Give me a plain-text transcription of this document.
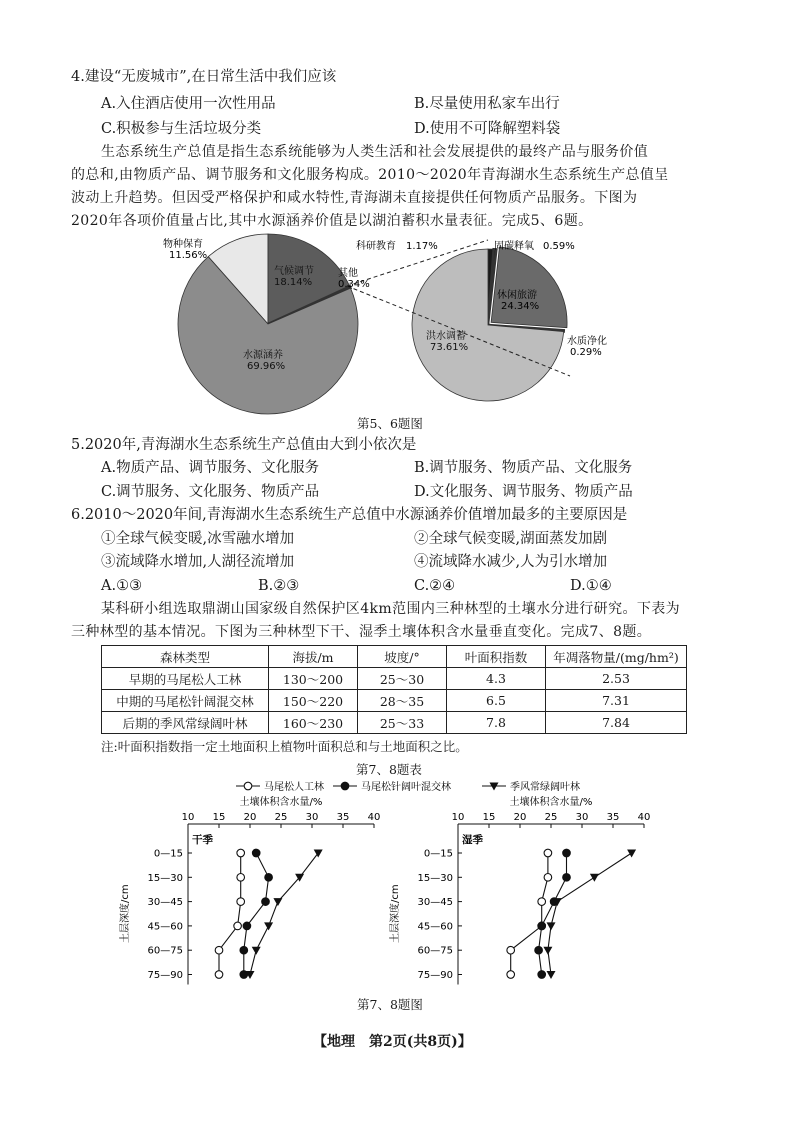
4.建设“无废城市”,在日常生活中我们应该
A.入住酒店使用一次性用品	B.尽量使用私家车出行
C.积极参与生活垃圾分类	D.使用不可降解塑料袋
生态系统生产总值是指生态系统能够为人类生活和社会发展提供的最终产品与服务价值
的总和,由物质产品、调节服务和文化服务构成。2010～2020年青海湖水生态系统生产总值呈
波动上升趋势。但因受严格保护和咸水特性,青海湖未直接提供任何物质产品服务。下图为
2020年各项价值量占比,其中水源涵养价值是以湖泊蓄积水量表征。完成5、6题。
物种保育
11.56%
气候调节
18.14%
其他
0.34%
水源涵养
69.96%
科研教育 1.17%	固碳释氧 0.59%
休闲旅游
24.34%
水质净化
0.29%
洪水调蓄
73.61%
第5、6题图
5.2020年,青海湖水生态系统生产总值由大到小依次是
A.物质产品、调节服务、文化服务	B.调节服务、物质产品、文化服务
C.调节服务、文化服务、物质产品	D.文化服务、调节服务、物质产品
6.2010～2020年间,青海湖水生态系统生产总值中水源涵养价值增加最多的主要原因是
①全球气候变暖,冰雪融水增加	②全球气候变暖,湖面蒸发加剧
③流域降水增加,人湖径流增加	④流域降水减少,人为引水增加
A.①③	B.②③	C.②④	D.①④
某科研小组选取鼎湖山国家级自然保护区4km范围内三种林型的土壤水分进行研究。下表为
三种林型的基本情况。下图为三种林型下干、湿季土壤体积含水量垂直变化。完成7、8题。
森林类型	海拔/m	坡度/°	叶面积指数	年凋落物量/(mg/hm²)
早期的马尾松人工林	130～200	25～30	4.3	2.53
中期的马尾松针阔混交林	150～220	28～35	6.5	7.31
后期的季风常绿阔叶林	160～230	25～33	7.8	7.84
注:叶面积指数指一定土地面积上植物叶面积总和与土地面积之比。
第7、8题表
马尾松人工林	马尾松针阔叶混交林	季风常绿阔叶林
土壤体积含水量/%
10 15 20 25 30 35 40
0—15
15—30
30—45
45—60
60—75
75—90
土层深度/cm
干季
土壤体积含水量/%
10 15 20 25 30 35 40
0—15
15—30
30—45
45—60
60—75
75—90
土层深度/cm
湿季
第7、8题图
【地理　第2页(共8页)】
